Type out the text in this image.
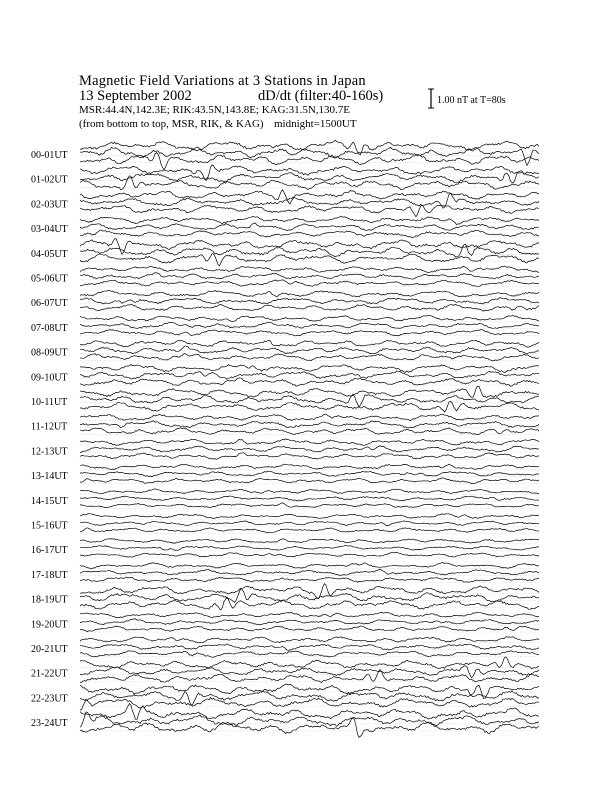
Magnetic Field Variations at 3 Stations in Japan
13 September 2002	dD/dt (filter:40-160s)
MSR:44.4N,142.3E; RIK:43.5N,143.8E; KAG:31.5N,130.7E
(from bottom to top, MSR, RIK, & KAG) midnight=1500UT
1.00 nT at T=80s
00-01UT
01-02UT
02-03UT
03-04UT
04-05UT
05-06UT
06-07UT
07-08UT
08-09UT
09-10UT
10-11UT
11-12UT
12-13UT
13-14UT
14-15UT
15-16UT
16-17UT
17-18UT
18-19UT
19-20UT
20-21UT
21-22UT
22-23UT
23-24UT
